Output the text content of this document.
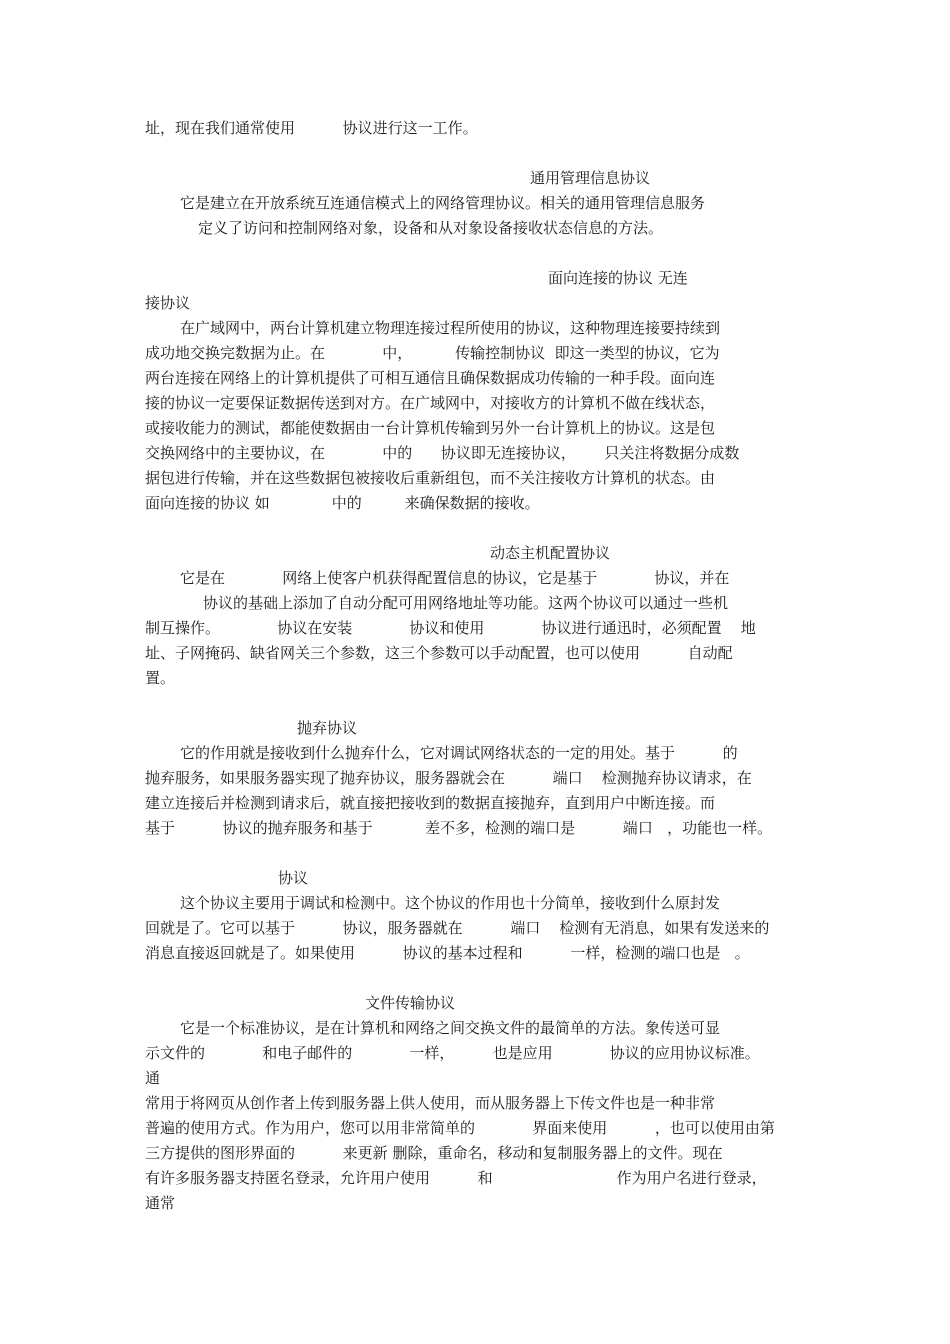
址，现在我们通常使用          协议进行这一工作。
通用管理信息协议
它是建立在开放系统互连通信模式上的网络管理协议。相关的通用管理信息服务
定义了访问和控制网络对象，设备和从对象设备接收状态信息的方法。
面向连接的协议 无连
接协议
在广域网中，两台计算机建立物理连接过程所使用的协议，这种物理连接要持续到
成功地交换完数据为止。在            中，         传输控制协议  即这一类型的协议，它为
两台连接在网络上的计算机提供了可相互通信且确保数据成功传输的一种手段。面向连
接的协议一定要保证数据传送到对方。在广域网中，对接收方的计算机不做在线状态，
或接收能力的测试，都能使数据由一台计算机传输到另外一台计算机上的协议。这是包
交换网络中的主要协议，在            中的      协议即无连接协议，      只关注将数据分成数
据包进行传输，并在这些数据包被接收后重新组包，而不关注接收方计算机的状态。由
面向连接的协议 如             中的         来确保数据的接收。
动态主机配置协议
它是在            网络上使客户机获得配置信息的协议，它是基于            协议，并在
协议的基础上添加了自动分配可用网络地址等功能。这两个协议可以通过一些机
制互操作。            协议在安装            协议和使用            协议进行通迅时，必须配置    地
址、子网掩码、缺省网关三个参数，这三个参数可以手动配置，也可以使用          自动配
置。
抛弃协议
它的作用就是接收到什么抛弃什么，它对调试网络状态的一定的用处。基于          的
抛弃服务，如果服务器实现了抛弃协议，服务器就会在          端口    检测抛弃协议请求，在
建立连接后并检测到请求后，就直接把接收到的数据直接抛弃，直到用户中断连接。而
基于          协议的抛弃服务和基于           差不多，检测的端口是          端口   ，功能也一样。
协议
这个协议主要用于调试和检测中。这个协议的作用也十分简单，接收到什么原封发
回就是了。它可以基于          协议，服务器就在          端口    检测有无消息，如果有发送来的
消息直接返回就是了。如果使用          协议的基本过程和          一样，检测的端口也是   。
文件传输协议
它是一个标准协议，是在计算机和网络之间交换文件的最简单的方法。象传送可显
示文件的            和电子邮件的            一样，        也是应用            协议的应用协议标准。
通
常用于将网页从创作者上传到服务器上供人使用，而从服务器上下传文件也是一种非常
普遍的使用方式。作为用户，您可以用非常简单的            界面来使用          ，也可以使用由第
三方提供的图形界面的          来更新 删除，重命名，移动和复制服务器上的文件。现在
有许多服务器支持匿名登录，允许用户使用          和                          作为用户名进行登录，
通常
